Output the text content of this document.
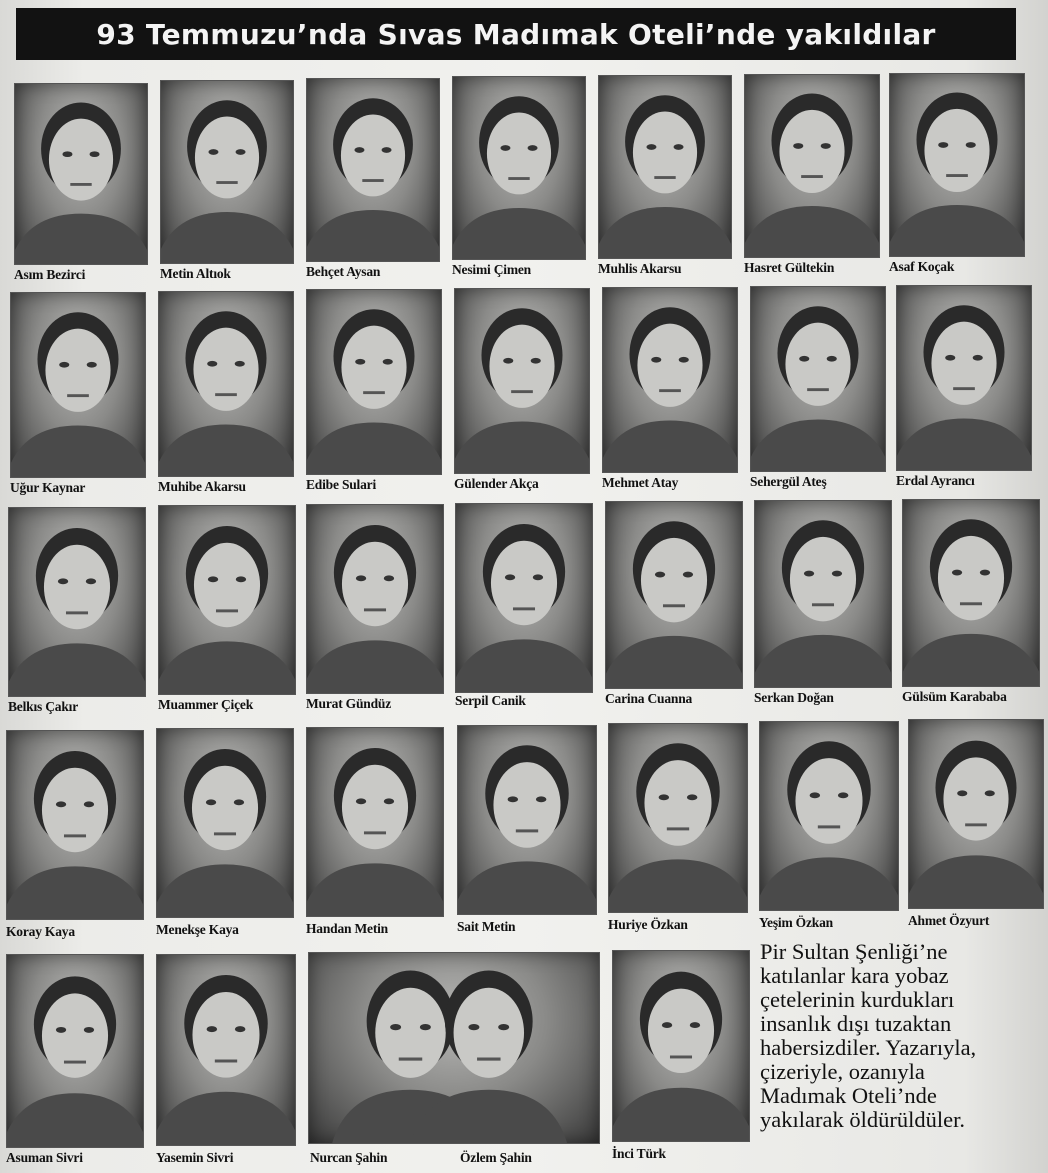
93 Temmuzu’nda Sıvas Madımak Oteli’nde yakıldılar
Asım Bezirci	Metin Altıok	Behçet Aysan	Nesimi Çimen	Muhlis Akarsu	Hasret Gültekin	Asaf Koçak
Uğur Kaynar	Muhibe Akarsu	Edibe Sulari	Gülender Akça	Mehmet Atay	Sehergül Ateş	Erdal Ayrancı
Belkıs Çakır	Muammer Çiçek	Murat Gündüz	Serpil Canik	Carina Cuanna	Serkan Doğan	Gülsüm Karababa
Koray Kaya	Menekşe Kaya	Handan Metin	Sait Metin	Huriye Özkan	Yeşim Özkan	Ahmet Özyurt
Asuman Sivri	Yasemin Sivri	Nurcan Şahin	Özlem Şahin	İnci Türk
Pir Sultan Şenliği’ne
katılanlar kara yobaz
çetelerinin kurdukları
insanlık dışı tuzaktan
habersizdiler. Yazarıyla,
çizeriyle, ozanıyla
Madımak Oteli’nde
yakılarak öldürüldüler.
